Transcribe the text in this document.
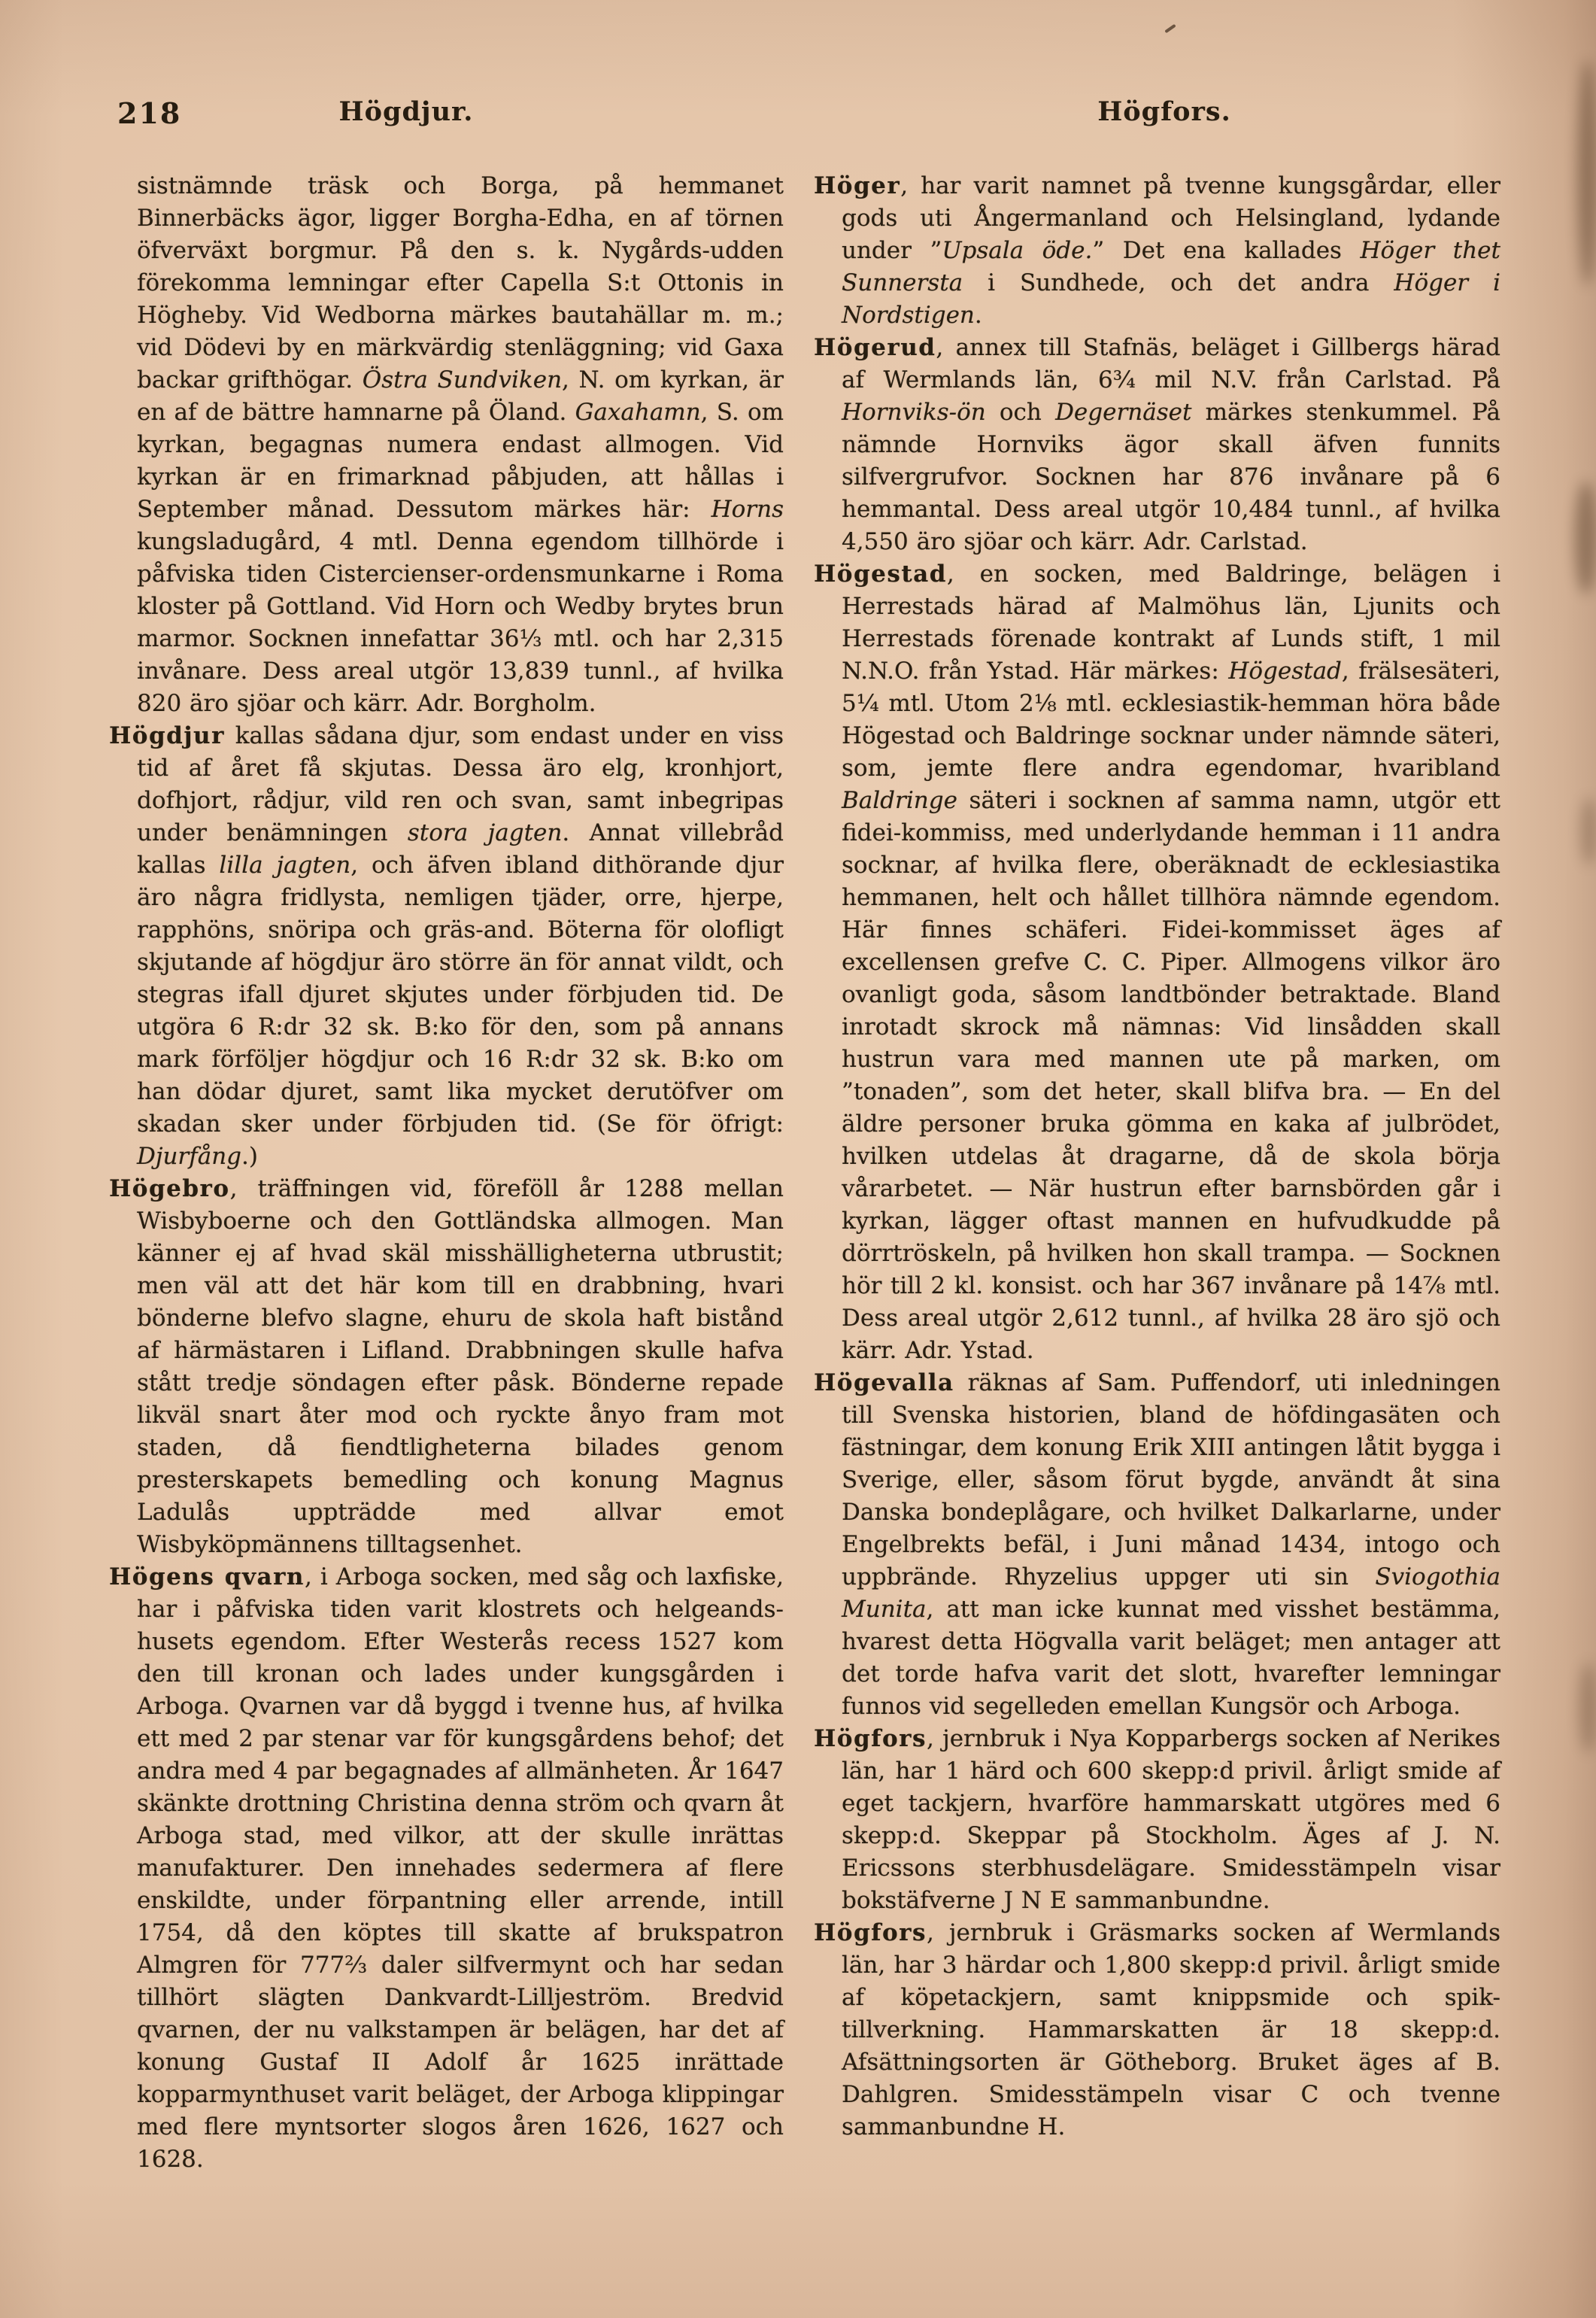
218	Högdjur.	Högfors.

sistnämnde träsk och Borga, på hemmanet Binnerbäcks ägor, ligger Borgha-Edha, en af törnen öfverväxt borgmur. På den s. k. Nygårds-udden förekomma lemningar efter Capella S:t Ottonis in Högheby. Vid Wedborna märkes bautahällar m. m.; vid Dödevi by en märkvärdig stenläggning; vid Gaxa backar grifthögar. Östra Sundviken, N. om kyrkan, är en af de bättre hamnarne på Öland. Gaxahamn, S. om kyrkan, begagnas numera endast allmogen. Vid kyrkan är en frimarknad påbjuden, att hållas i September månad. Dessutom märkes här: Horns kungsladugård, 4 mtl. Denna egendom tillhörde i påfviska tiden Cistercienser-ordensmunkarne i Roma kloster på Gottland. Vid Horn och Wedby brytes brun marmor. Socknen innefattar 36⅓ mtl. och har 2,315 invånare. Dess areal utgör 13,839 tunnl., af hvilka 820 äro sjöar och kärr. Adr. Borgholm.

Högdjur kallas sådana djur, som endast under en viss tid af året få skjutas. Dessa äro elg, kronhjort, dofhjort, rådjur, vild ren och svan, samt inbegripas under benämningen stora jagten. Annat villebråd kallas lilla jagten, och äfven ibland dithörande djur äro några fridlysta, nemligen tjäder, orre, hjerpe, rapphöns, snöripa och gräs-and. Böterna för olofligt skjutande af högdjur äro större än för annat vildt, och stegras ifall djuret skjutes under förbjuden tid. De utgöra 6 R:dr 32 sk. B:ko för den, som på annans mark förföljer högdjur och 16 R:dr 32 sk. B:ko om han dödar djuret, samt lika mycket derutöfver om skadan sker under förbjuden tid. (Se för öfrigt: Djurfång.)

Högebro, träffningen vid, föreföll år 1288 mellan Wisbyboerne och den Gottländska allmogen. Man känner ej af hvad skäl misshälligheterna utbrustit; men väl att det här kom till en drabbning, hvari bönderne blefvo slagne, ehuru de skola haft bistånd af härmästaren i Lifland. Drabbningen skulle hafva stått tredje söndagen efter påsk. Bönderne repade likväl snart åter mod och ryckte ånyo fram mot staden, då fiendtligheterna bilades genom presterskapets bemedling och konung Magnus Ladulås uppträdde med allvar emot Wisbyköpmännens tilltagsenhet.

Högens qvarn, i Arboga socken, med såg och laxfiske, har i påfviska tiden varit klostrets och helgeands-husets egendom. Efter Westerås recess 1527 kom den till kronan och lades under kungsgården i Arboga. Qvarnen var då byggd i tvenne hus, af hvilka ett med 2 par stenar var för kungsgårdens behof; det andra med 4 par begagnades af allmänheten. År 1647 skänkte drottning Christina denna ström och qvarn åt Arboga stad, med vilkor, att der skulle inrättas manufakturer. Den innehades sedermera af flere enskildte, under förpantning eller arrende, intill 1754, då den köptes till skatte af brukspatron Almgren för 777⅔ daler silfvermynt och har sedan tillhört slägten Dankvardt-Lilljeström. Bredvid qvarnen, der nu valkstampen är belägen, har det af konung Gustaf II Adolf år 1625 inrättade kopparmynthuset varit beläget, der Arboga klippingar med flere myntsorter slogos åren 1626, 1627 och 1628.

Höger, har varit namnet på tvenne kungsgårdar, eller gods uti Ångermanland och Helsingland, lydande under ”Upsala öde.” Det ena kallades Höger thet Sunnersta i Sundhede, och det andra Höger i Nordstigen.

Högerud, annex till Stafnäs, beläget i Gillbergs härad af Wermlands län, 6¾ mil N.V. från Carlstad. På Hornviks-ön och Degernäset märkes stenkummel. På nämnde Hornviks ägor skall äfven funnits silfvergrufvor. Socknen har 876 invånare på 6 hemmantal. Dess areal utgör 10,484 tunnl., af hvilka 4,550 äro sjöar och kärr. Adr. Carlstad.

Högestad, en socken, med Baldringe, belägen i Herrestads härad af Malmöhus län, Ljunits och Herrestads förenade kontrakt af Lunds stift, 1 mil N.N.O. från Ystad. Här märkes: Högestad, frälsesäteri, 5¼ mtl. Utom 2⅛ mtl. ecklesiastik-hemman höra både Högestad och Baldringe socknar under nämnde säteri, som, jemte flere andra egendomar, hvaribland Baldringe säteri i socknen af samma namn, utgör ett fidei-kommiss, med underlydande hemman i 11 andra socknar, af hvilka flere, oberäknadt de ecklesiastika hemmanen, helt och hållet tillhöra nämnde egendom. Här finnes schäferi. Fidei-kommisset äges af excellensen grefve C. C. Piper. Allmogens vilkor äro ovanligt goda, såsom landtbönder betraktade. Bland inrotadt skrock må nämnas: Vid linsådden skall hustrun vara med mannen ute på marken, om ”tonaden”, som det heter, skall blifva bra. — En del äldre personer bruka gömma en kaka af julbrödet, hvilken utdelas åt dragarne, då de skola börja vårarbetet. — När hustrun efter barnsbörden går i kyrkan, lägger oftast mannen en hufvudkudde på dörrtröskeln, på hvilken hon skall trampa. — Socknen hör till 2 kl. konsist. och har 367 invånare på 14⅞ mtl. Dess areal utgör 2,612 tunnl., af hvilka 28 äro sjö och kärr. Adr. Ystad.

Högevalla räknas af Sam. Puffendorf, uti inledningen till Svenska historien, bland de höfdingasäten och fästningar, dem konung Erik XIII antingen låtit bygga i Sverige, eller, såsom förut bygde, användt åt sina Danska bondeplågare, och hvilket Dalkarlarne, under Engelbrekts befäl, i Juni månad 1434, intogo och uppbrände. Rhyzelius uppger uti sin Sviogothia Munita, att man icke kunnat med visshet bestämma, hvarest detta Högvalla varit beläget; men antager att det torde hafva varit det slott, hvarefter lemningar funnos vid segelleden emellan Kungsör och Arboga.

Högfors, jernbruk i Nya Kopparbergs socken af Nerikes län, har 1 härd och 600 skepp:d privil. årligt smide af eget tackjern, hvarföre hammarskatt utgöres med 6 skepp:d. Skeppar på Stockholm. Äges af J. N. Ericssons sterbhusdelägare. Smidesstämpeln visar bokstäfverne J N E sammanbundne.

Högfors, jernbruk i Gräsmarks socken af Wermlands län, har 3 härdar och 1,800 skepp:d privil. årligt smide af köpetackjern, samt knippsmide och spik-tillverkning. Hammarskatten är 18 skepp:d. Afsättningsorten är Götheborg. Bruket äges af B. Dahlgren. Smidesstämpeln visar C och tvenne sammanbundne H.
